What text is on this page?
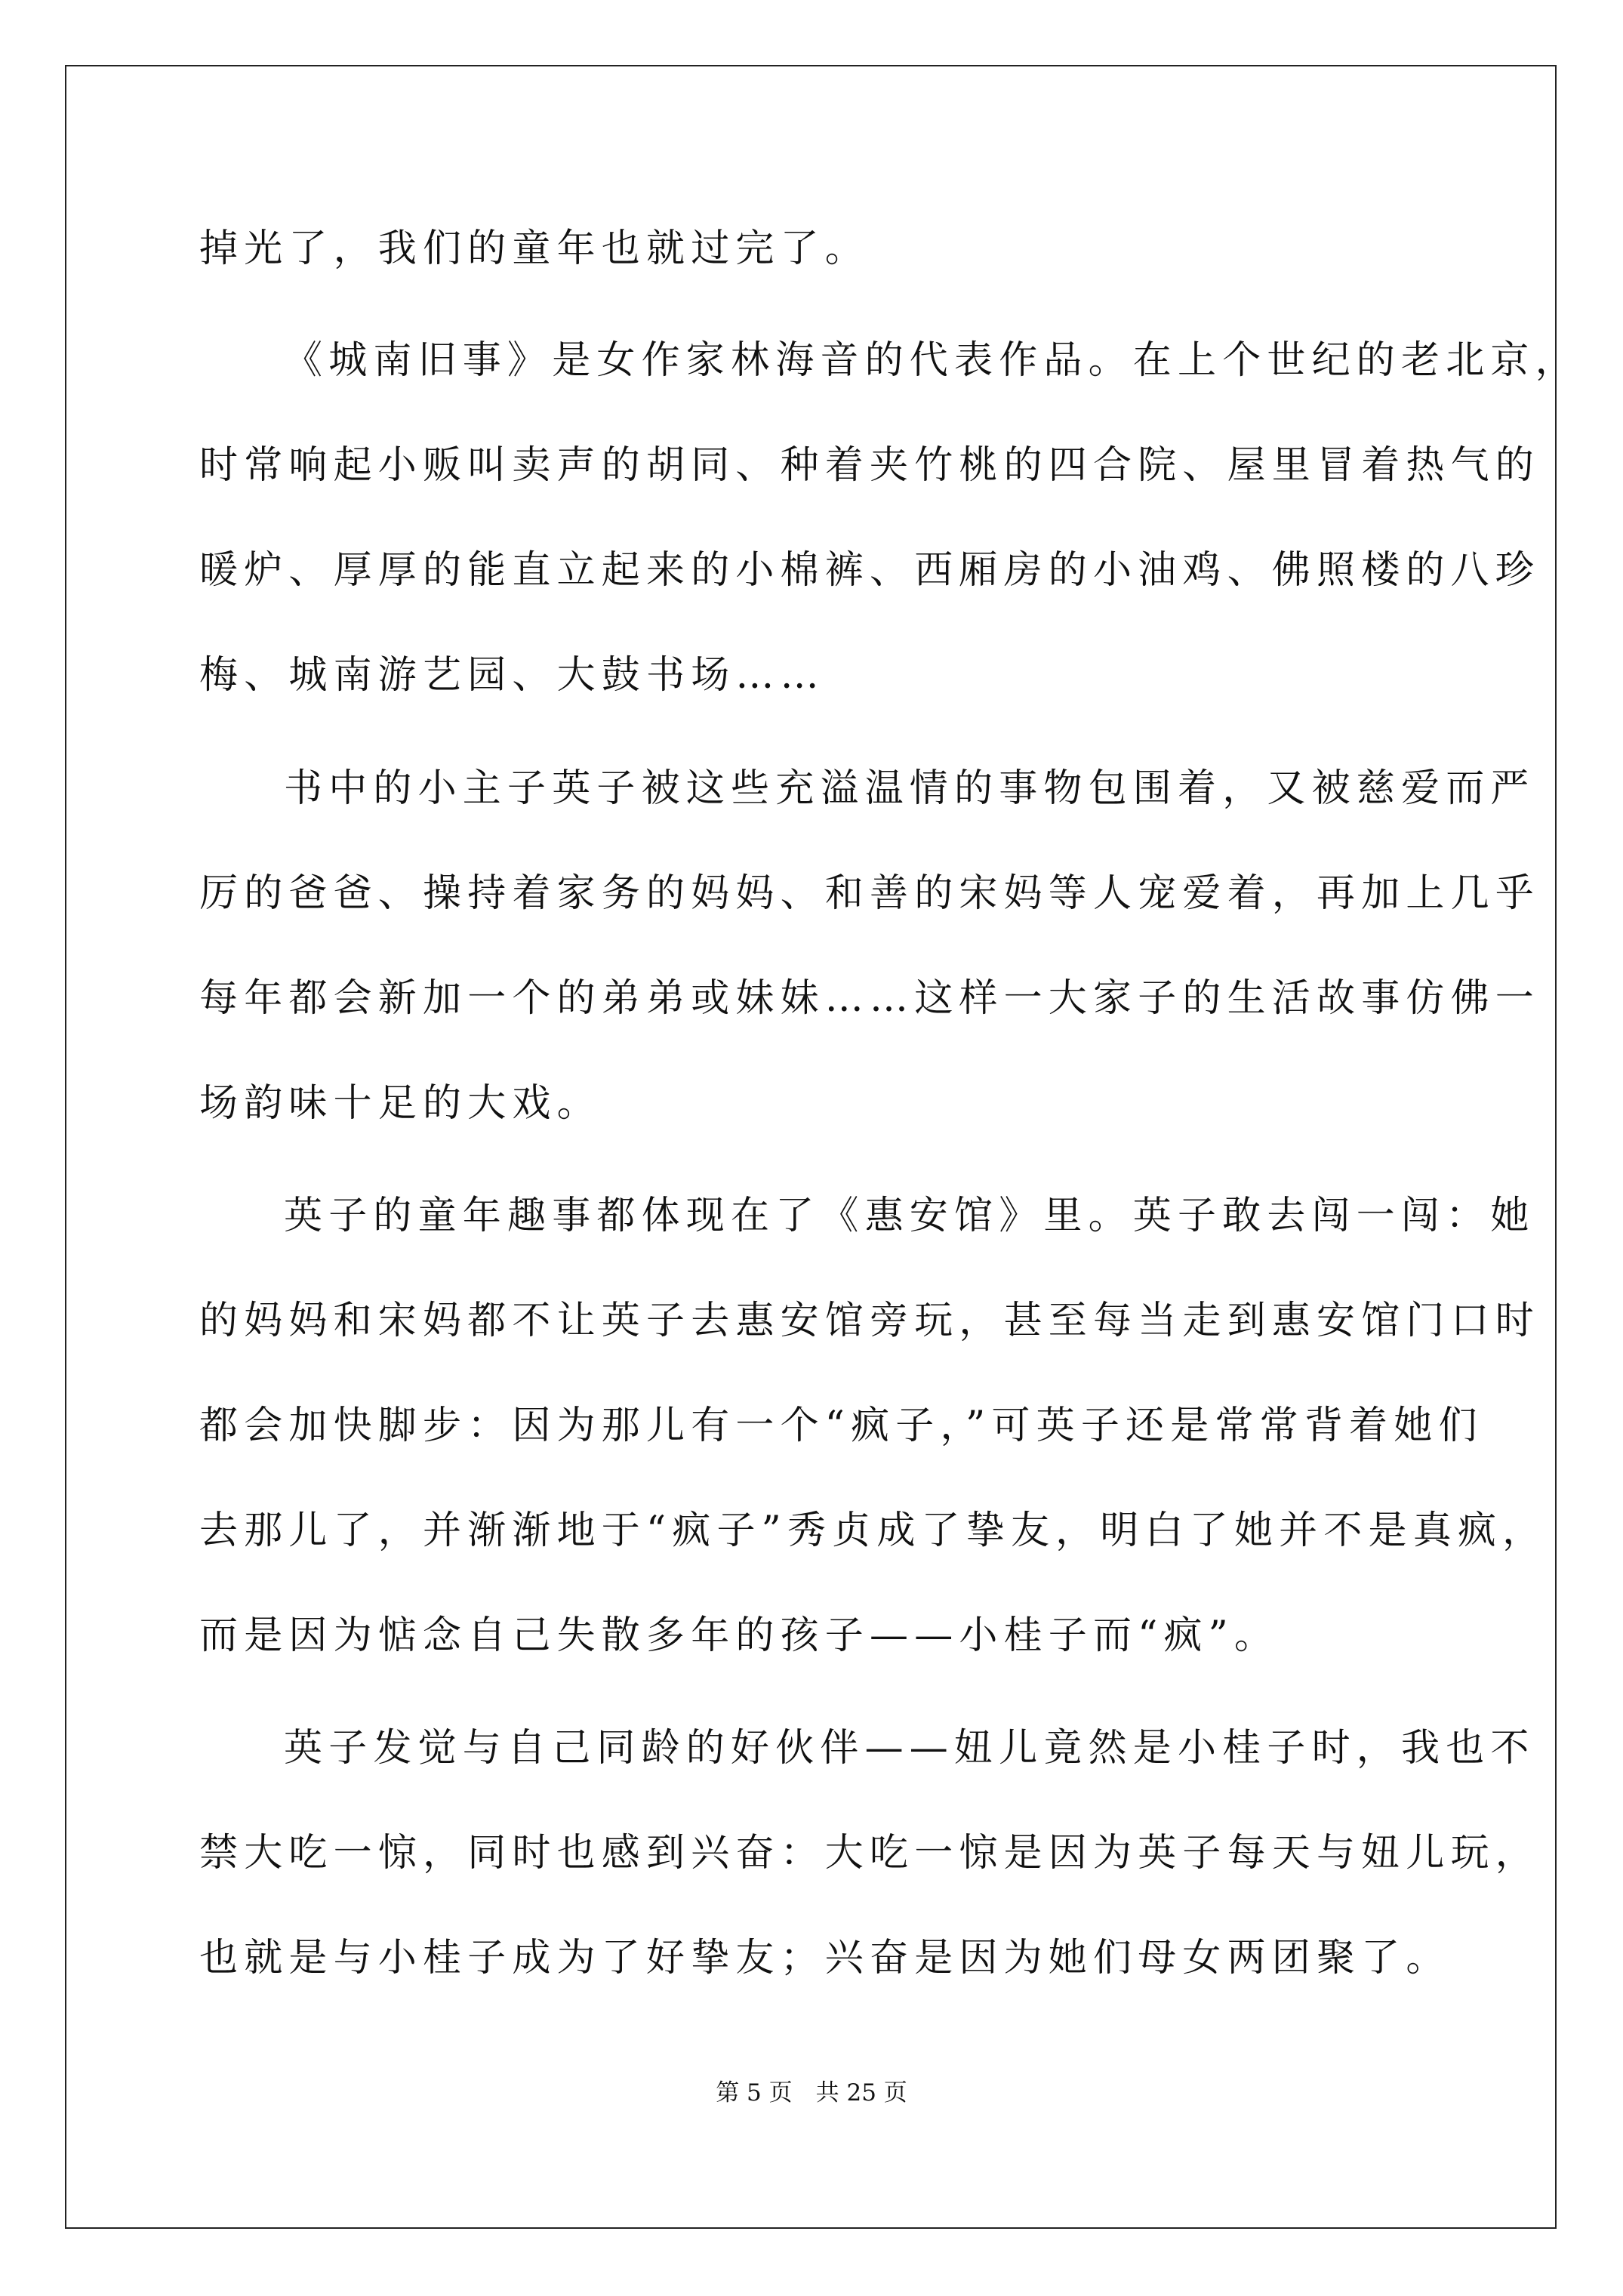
掉光了，我们的童年也就过完了。
《城南旧事》是女作家林海音的代表作品。在上个世纪的老北京，
时常响起小贩叫卖声的胡同、种着夹竹桃的四合院、屋里冒着热气的
暖炉、厚厚的能直立起来的小棉裤、西厢房的小油鸡、佛照楼的八珍
梅、城南游艺园、大鼓书场……
书中的小主子英子被这些充溢温情的事物包围着，又被慈爱而严
厉的爸爸、操持着家务的妈妈、和善的宋妈等人宠爱着，再加上几乎
每年都会新加一个的弟弟或妹妹……这样一大家子的生活故事仿佛一
场韵味十足的大戏。
英子的童年趣事都体现在了《惠安馆》里。英子敢去闯一闯：她
的妈妈和宋妈都不让英子去惠安馆旁玩，甚至每当走到惠安馆门口时
都会加快脚步：因为那儿有一个“疯子，”可英子还是常常背着她们
去那儿了，并渐渐地于“疯子”秀贞成了挚友，明白了她并不是真疯，
而是因为惦念自己失散多年的孩子——小桂子而“疯”。
英子发觉与自己同龄的好伙伴——妞儿竟然是小桂子时，我也不
禁大吃一惊，同时也感到兴奋：大吃一惊是因为英子每天与妞儿玩，
也就是与小桂子成为了好挚友；兴奋是因为她们母女两团聚了。
第 5 页　共 25 页
